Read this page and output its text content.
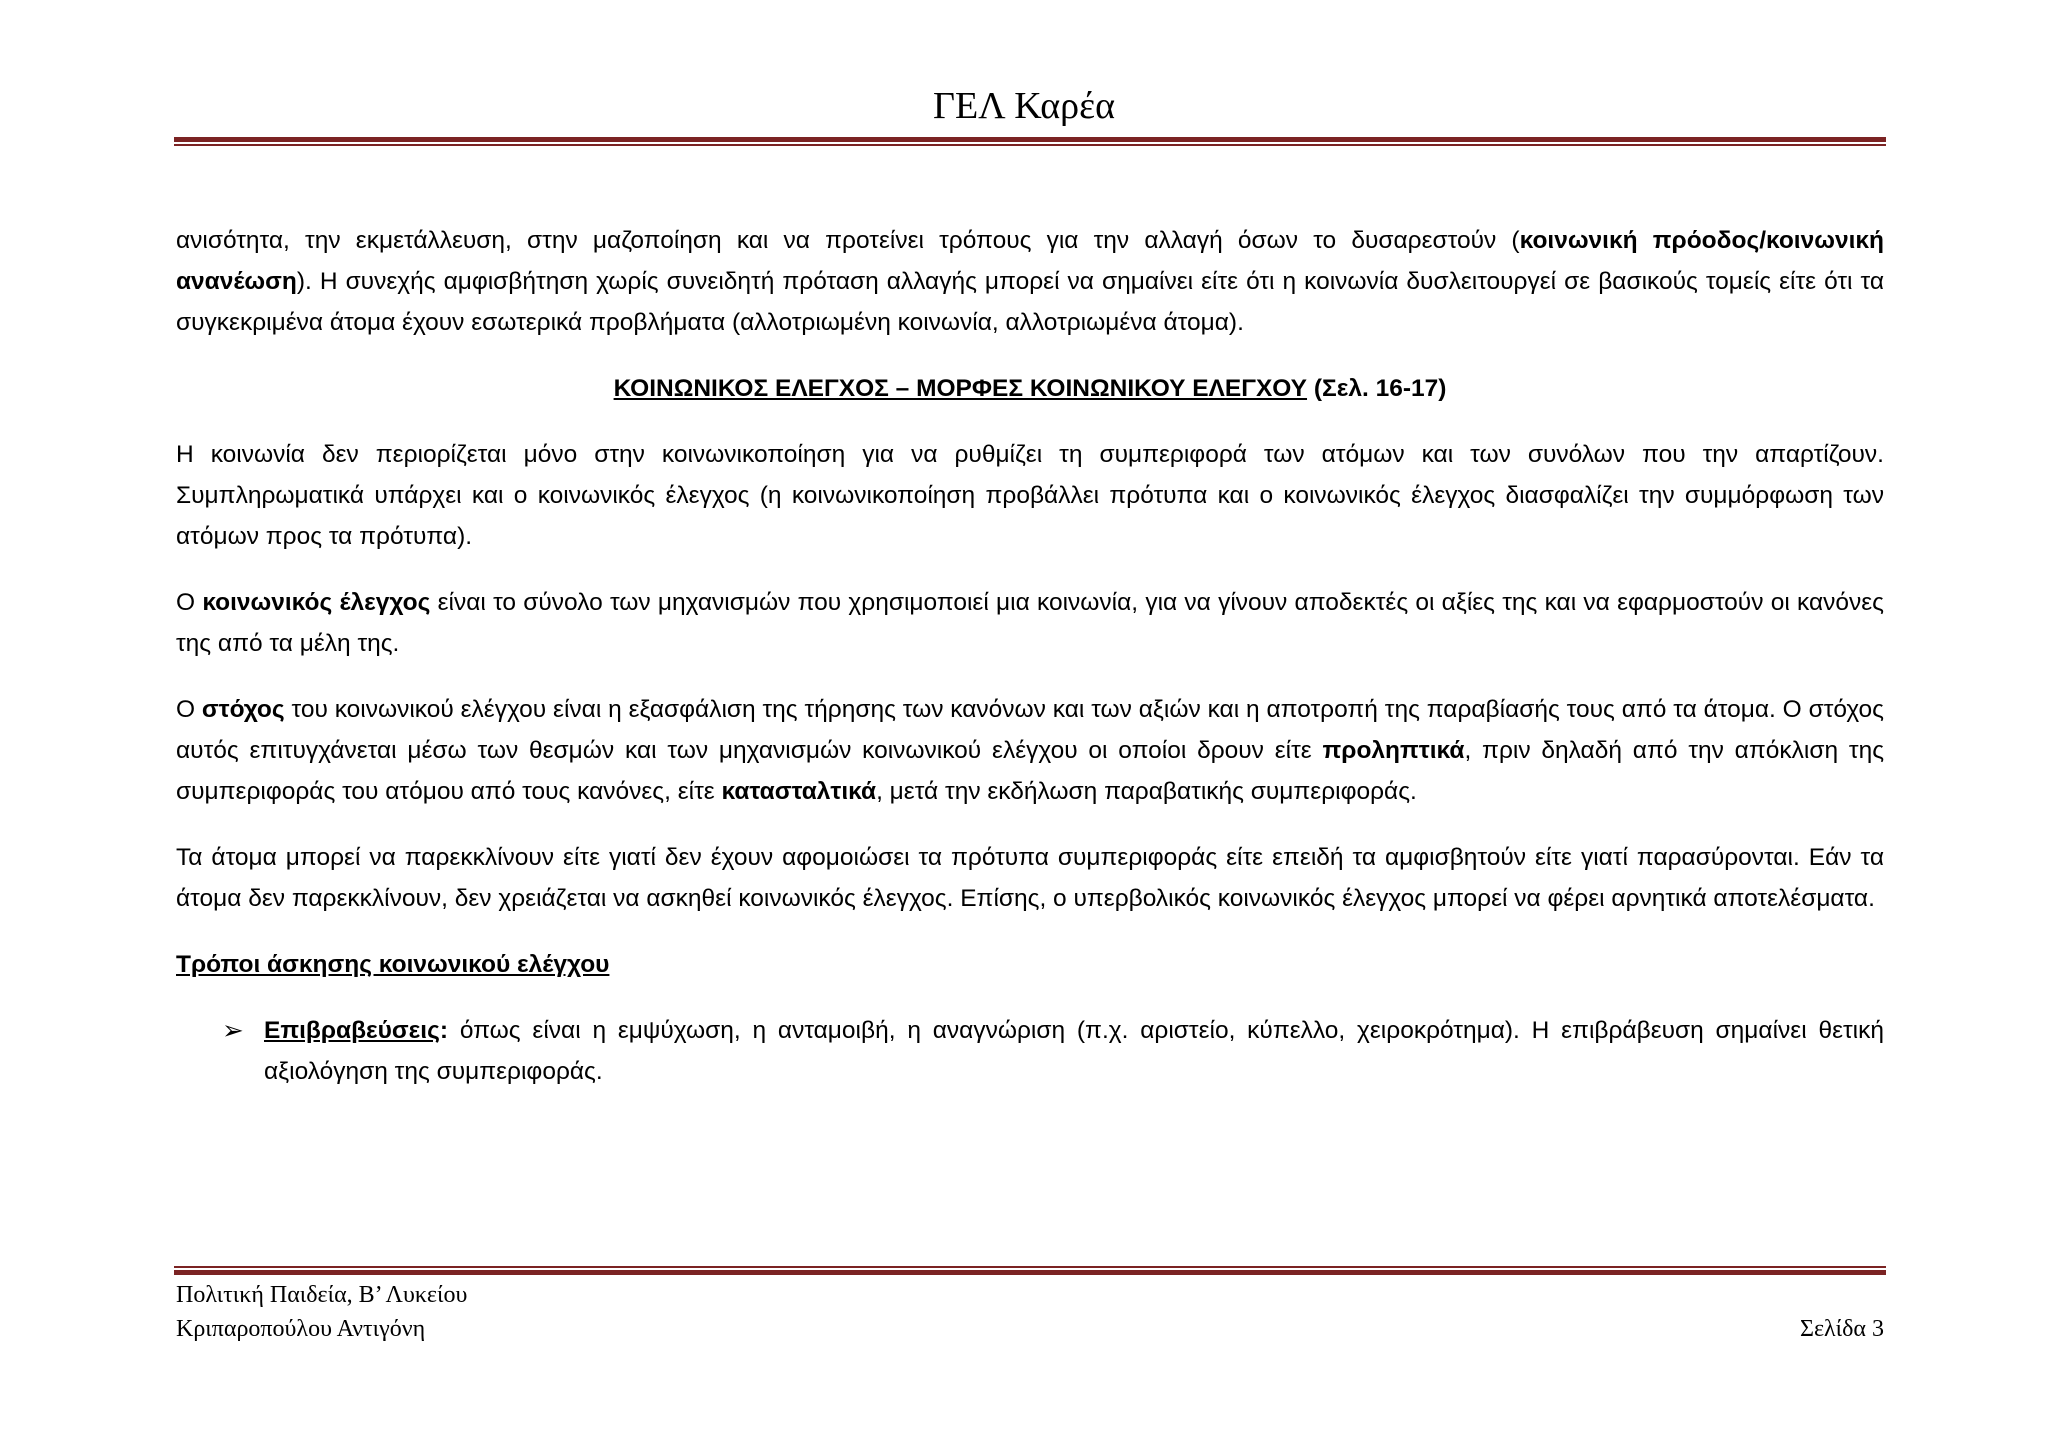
ΓΕΛ Καρέα

ανισότητα, την εκμετάλλευση, στην μαζοποίηση και να προτείνει τρόπους για την αλλαγή όσων το δυσαρεστούν (κοινωνική πρόοδος/κοινωνική ανανέωση). Η συνεχής αμφισβήτηση χωρίς συνειδητή πρόταση αλλαγής μπορεί να σημαίνει είτε ότι η κοινωνία δυσλειτουργεί σε βασικούς τομείς είτε ότι τα συγκεκριμένα άτομα έχουν εσωτερικά προβλήματα (αλλοτριωμένη κοινωνία, αλλοτριωμένα άτομα).

ΚΟΙΝΩΝΙΚΟΣ ΕΛΕΓΧΟΣ – ΜΟΡΦΕΣ ΚΟΙΝΩΝΙΚΟΥ ΕΛΕΓΧΟΥ (Σελ. 16-17)

Η κοινωνία δεν περιορίζεται μόνο στην κοινωνικοποίηση για να ρυθμίζει τη συμπεριφορά των ατόμων και των συνόλων που την απαρτίζουν. Συμπληρωματικά υπάρχει και ο κοινωνικός έλεγχος (η κοινωνικοποίηση προβάλλει πρότυπα και ο κοινωνικός έλεγχος διασφαλίζει την συμμόρφωση των ατόμων προς τα πρότυπα).

Ο κοινωνικός έλεγχος είναι το σύνολο των μηχανισμών που χρησιμοποιεί μια κοινωνία, για να γίνουν αποδεκτές οι αξίες της και να εφαρμοστούν οι κανόνες της από τα μέλη της.

Ο στόχος του κοινωνικού ελέγχου είναι η εξασφάλιση της τήρησης των κανόνων και των αξιών και η αποτροπή της παραβίασής τους από τα άτομα. Ο στόχος αυτός επιτυγχάνεται μέσω των θεσμών και των μηχανισμών κοινωνικού ελέγχου οι οποίοι δρουν είτε προληπτικά, πριν δηλαδή από την απόκλιση της συμπεριφοράς του ατόμου από τους κανόνες, είτε κατασταλτικά, μετά την εκδήλωση παραβατικής συμπεριφοράς.

Τα άτομα μπορεί να παρεκκλίνουν είτε γιατί δεν έχουν αφομοιώσει τα πρότυπα συμπεριφοράς είτε επειδή τα αμφισβητούν είτε γιατί παρασύρονται. Εάν τα άτομα δεν παρεκκλίνουν, δεν χρειάζεται να ασκηθεί κοινωνικός έλεγχος. Επίσης, ο υπερβολικός κοινωνικός έλεγχος μπορεί να φέρει αρνητικά αποτελέσματα.

Τρόποι άσκησης κοινωνικού ελέγχου

➢ Επιβραβεύσεις: όπως είναι η εμψύχωση, η ανταμοιβή, η αναγνώριση (π.χ. αριστείο, κύπελλο, χειροκρότημα). Η επιβράβευση σημαίνει θετική αξιολόγηση της συμπεριφοράς.

Πολιτική Παιδεία, Β’ Λυκείου
Κριπαροπούλου Αντιγόνη	Σελίδα 3
